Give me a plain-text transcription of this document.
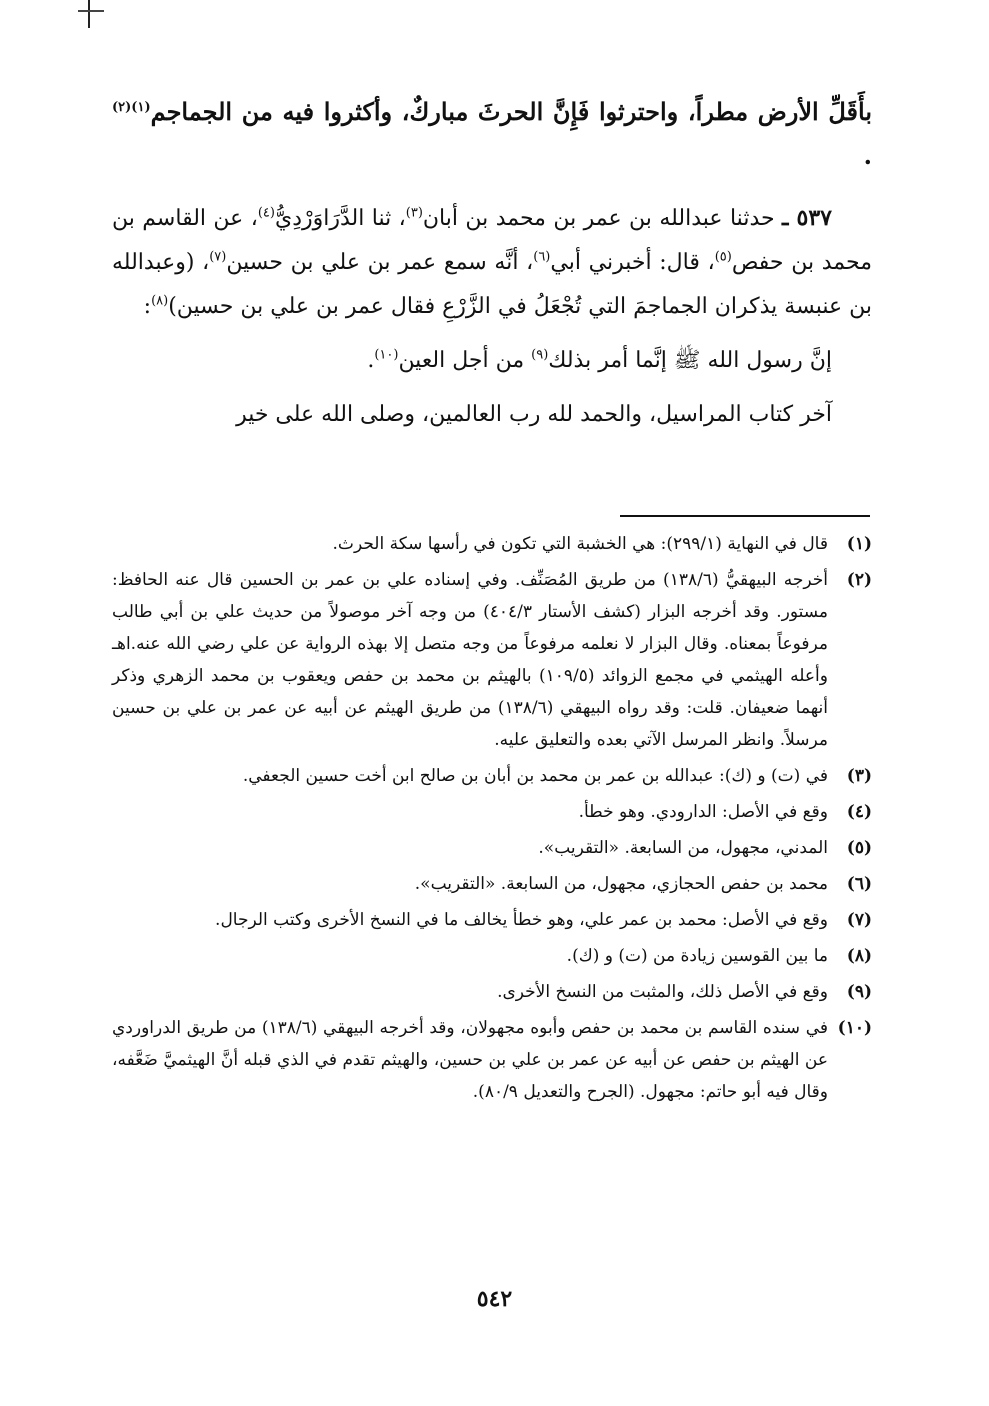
بأَقَلِّ الأرض مطراً، واحترثوا فَإِنَّ الحرثَ مباركٌ، وأكثروا فيه من الجماجم$^{(١)(٢)}$ .

٥٣٧ ـ حدثنا عبدالله بن عمر بن محمد بن أبان$^{(٣)}$، ثنا الدَّرَاوَرْدِيُّ$^{(٤)}$، عن القاسم بن محمد بن حفص$^{(٥)}$، قال: أخبرني أبي$^{(٦)}$، أنَّه سمع عمر بن علي بن حسين$^{(٧)}$، (وعبدالله بن عنبسة يذكران الجماجمَ التي تُجْعَلُ في الزَّرْعِ فقال عمر بن علي بن حسين)$^{(٨)}$:

إنَّ رسول الله ﷺ إنَّما أمر بذلك$^{(٩)}$ من أجل العين$^{(١٠)}$.

آخر كتاب المراسيل، والحمد لله رب العالمين، وصلى الله على خير

(١)
قال في النهاية (٢٩٩/١): هي الخشبة التي تكون في رأسها سكة الحرث.
(٢)
أخرجه البيهقيُّ (١٣٨/٦) من طريق المُصَنِّف. وفي إسناده علي بن عمر بن الحسين قال عنه الحافظ: مستور. وقد أخرجه البزار (كشف الأستار ٤٠٤/٣) من وجه آخر موصولاً من حديث علي بن أبي طالب مرفوعاً بمعناه. وقال البزار لا نعلمه مرفوعاً من وجه متصل إلا بهذه الرواية عن علي رضي الله عنه.اهـ وأعله الهيثمي في مجمع الزوائد (١٠٩/٥) بالهيثم بن محمد بن حفص ويعقوب بن محمد الزهري وذكر أنهما ضعيفان. قلت: وقد رواه البيهقي (١٣٨/٦) من طريق الهيثم عن أبيه عن عمر بن علي بن حسين مرسلاً. وانظر المرسل الآتي بعده والتعليق عليه.
(٣)
في (ت) و (ك): عبدالله بن عمر بن محمد بن أبان بن صالح ابن أخت حسين الجعفي.
(٤)
وقع في الأصل: الدارودي. وهو خطأ.
(٥)
المدني، مجهول، من السابعة. «التقريب».
(٦)
محمد بن حفص الحجازي، مجهول، من السابعة. «التقريب».
(٧)
وقع في الأصل: محمد بن عمر علي، وهو خطأ يخالف ما في النسخ الأخرى وكتب الرجال.
(٨)
ما بين القوسين زيادة من (ت) و (ك).
(٩)
وقع في الأصل ذلك، والمثبت من النسخ الأخرى.
(١٠)
في سنده القاسم بن محمد بن حفص وأبوه مجهولان، وقد أخرجه البيهقي (١٣٨/٦) من طريق الدراوردي عن الهيثم بن حفص عن أبيه عن عمر بن علي بن حسين، والهيثم تقدم في الذي قبله أنَّ الهيثميَّ ضَعَّفه، وقال فيه أبو حاتم: مجهول. (الجرح والتعديل ٨٠/٩).
٥٤٢
